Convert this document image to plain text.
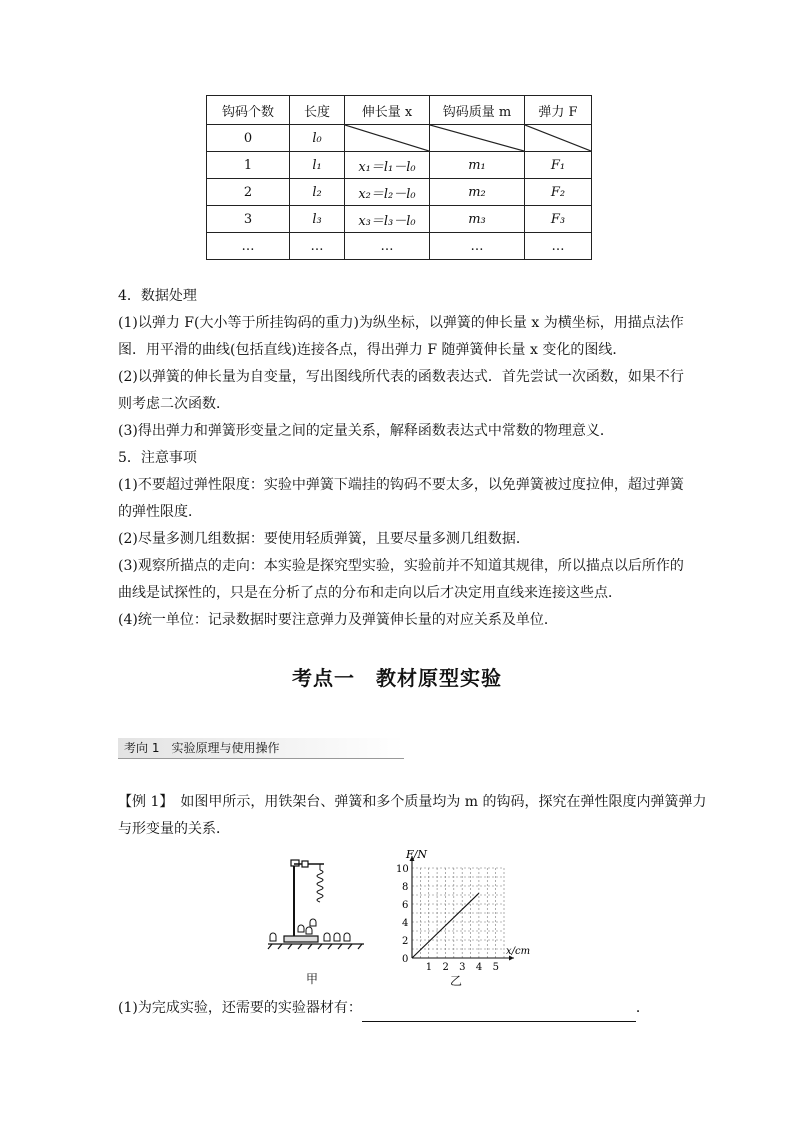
钩码个数	长度	伸长量 x	钩码质量 m	弹力 F
0	l₀	

1	l₁	x₁＝l₁－l₀	m₁	F₁
2	l₂	x₂＝l₂－l₀	m₂	F₂
3	l₃	x₃＝l₃－l₀	m₃	F₃
…	…	…	…	…
4．数据处理
(1)以弹力 F(大小等于所挂钩码的重力)为纵坐标，以弹簧的伸长量 x 为横坐标，用描点法作
图．用平滑的曲线(包括直线)连接各点，得出弹力 F 随弹簧伸长量 x 变化的图线．
(2)以弹簧的伸长量为自变量，写出图线所代表的函数表达式．首先尝试一次函数，如果不行
则考虑二次函数．
(3)得出弹力和弹簧形变量之间的定量关系，解释函数表达式中常数的物理意义．
5．注意事项
(1)不要超过弹性限度：实验中弹簧下端挂的钩码不要太多，以免弹簧被过度拉伸，超过弹簧
的弹性限度．
(2)尽量多测几组数据：要使用轻质弹簧，且要尽量多测几组数据．
(3)观察所描点的走向：本实验是探究型实验，实验前并不知道其规律，所以描点以后所作的
曲线是试探性的，只是在分析了点的分布和走向以后才决定用直线来连接这些点．
(4)统一单位：记录数据时要注意弹力及弹簧伸长量的对应关系及单位．
考点一　教材原型实验
考向 1　实验原理与使用操作
【例 1】　如图甲所示，用铁架台、弹簧和多个质量均为 m 的钩码，探究在弹性限度内弹簧弹力
与形变量的关系．
甲
F/N
x/cm
1 2 3 4 5
2
4
6
8
10
0
乙
(1)为完成实验，还需要的实验器材有：	．
